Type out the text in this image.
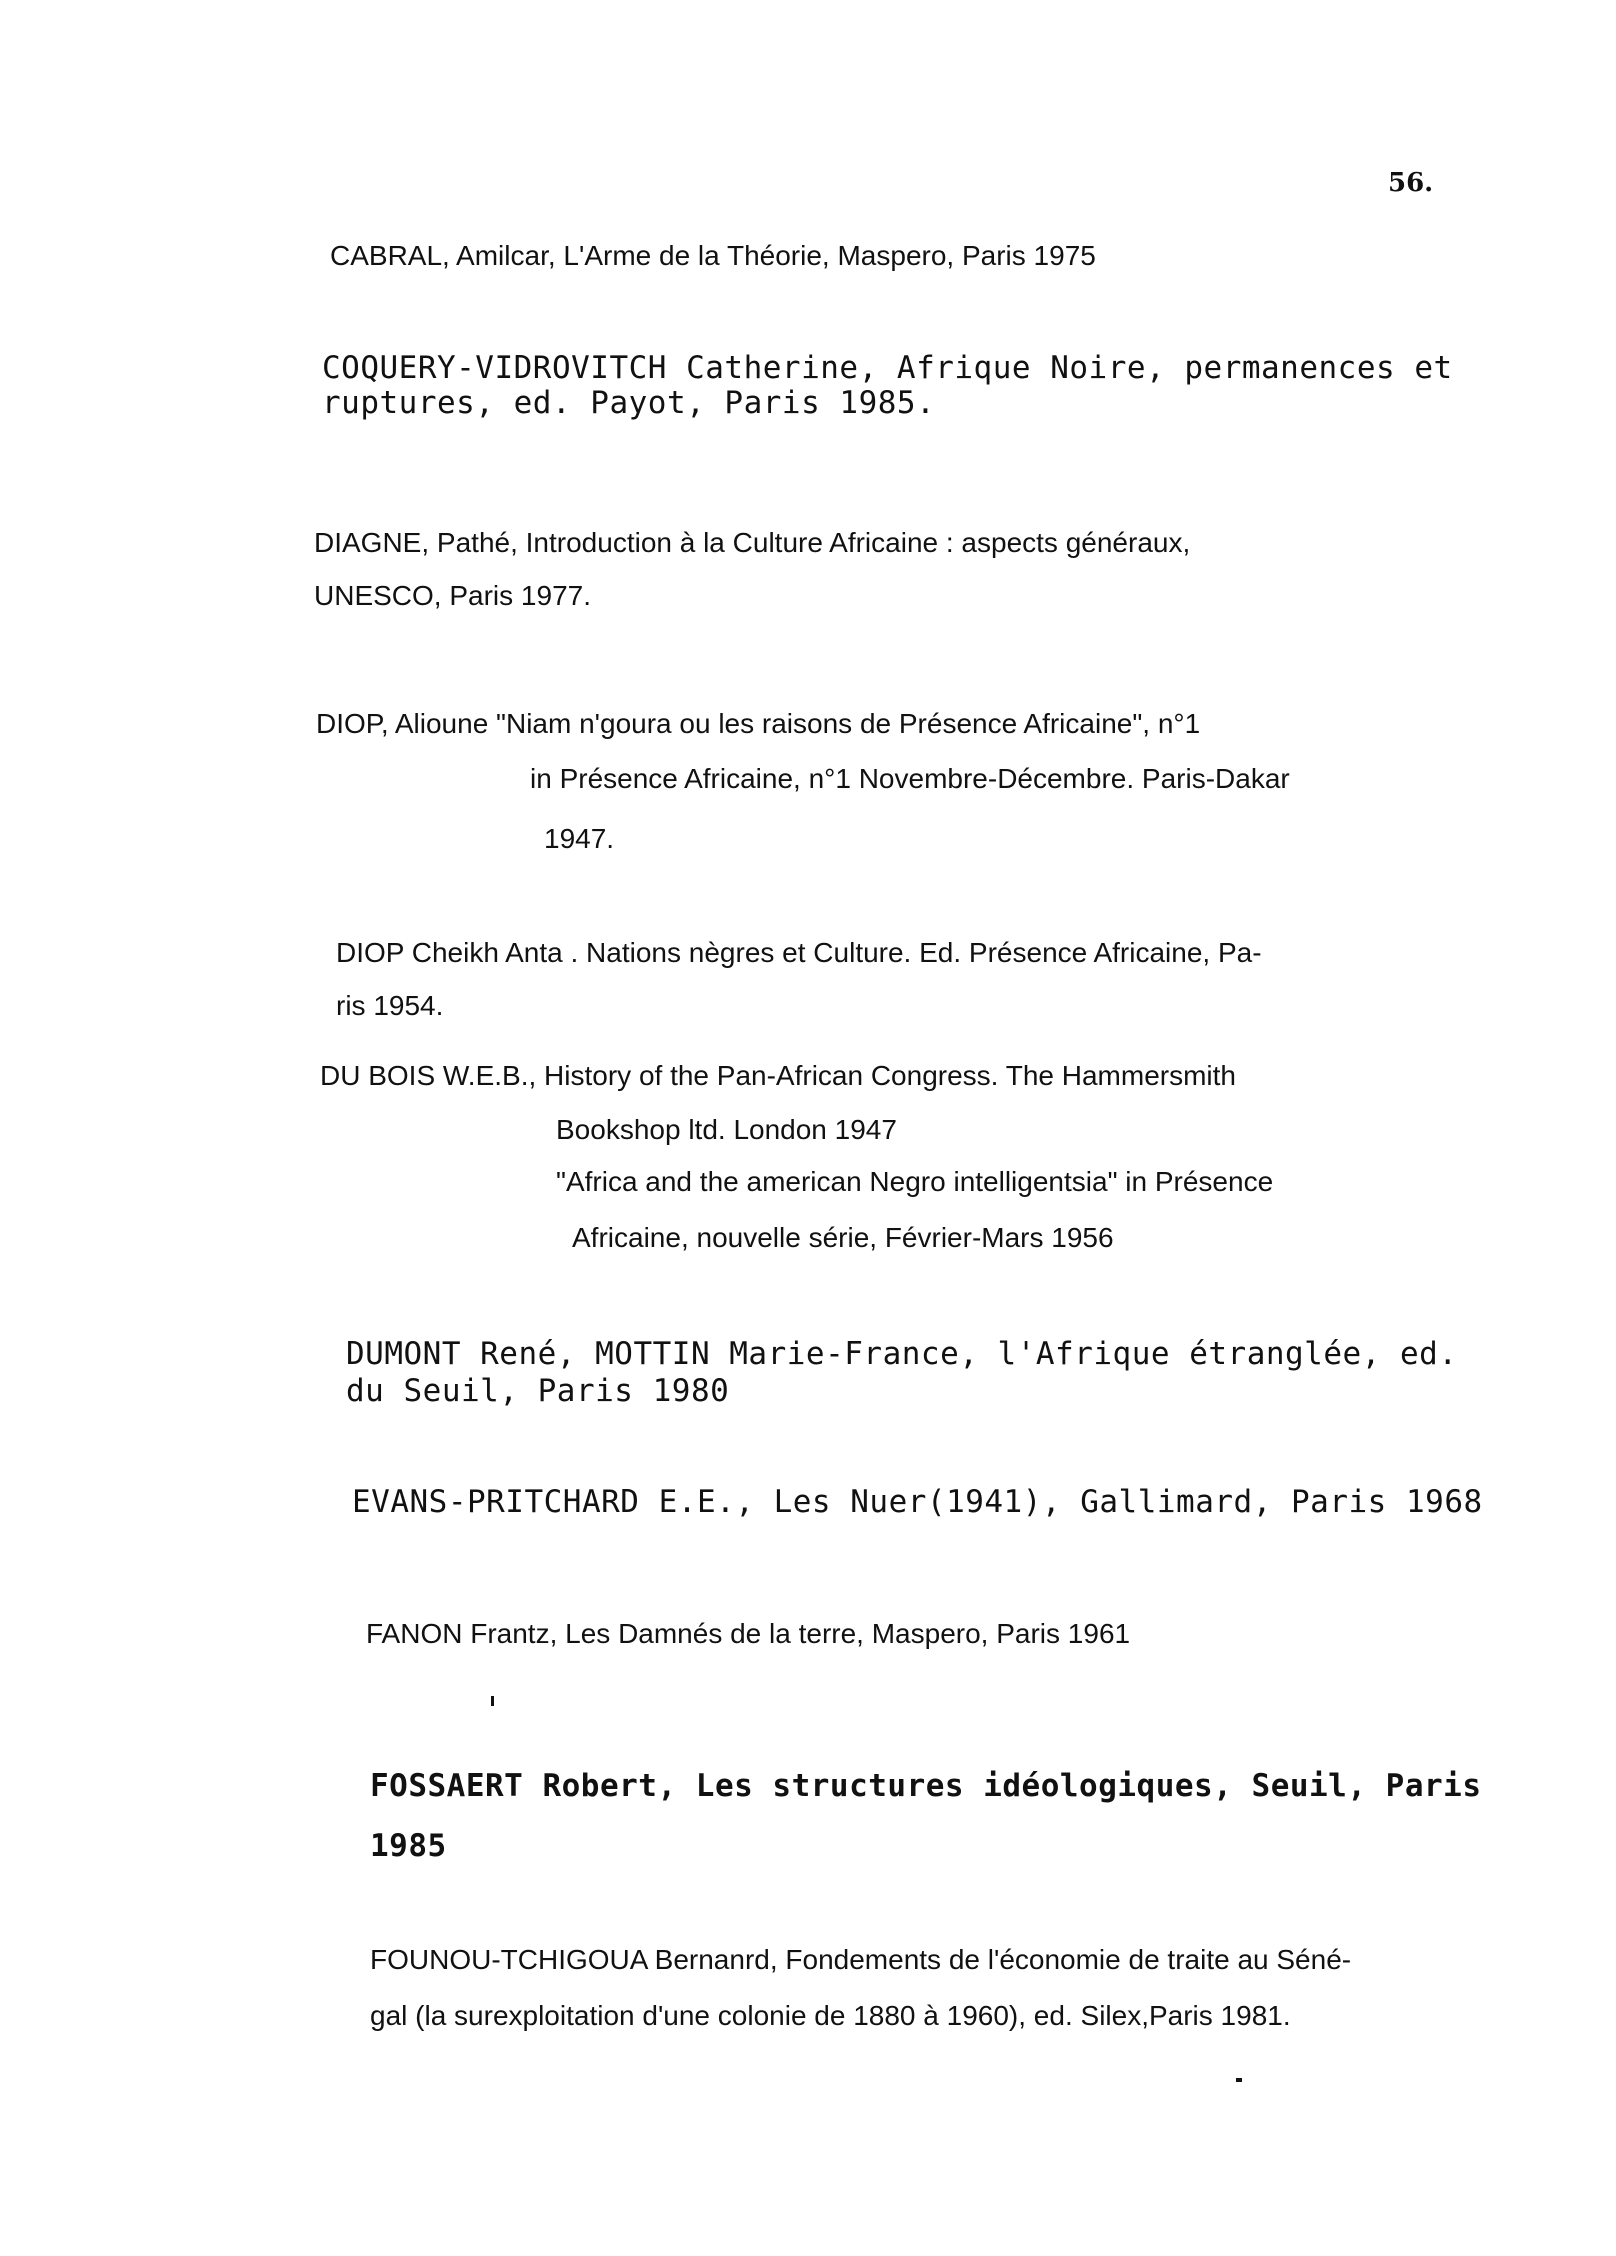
56.
CABRAL, Amilcar, L'Arme de la Théorie, Maspero, Paris 1975
COQUERY-VIDROVITCH Catherine, Afrique Noire, permanences et
ruptures, ed. Payot, Paris 1985.
DIAGNE, Pathé, Introduction à la Culture Africaine : aspects généraux,
UNESCO, Paris 1977.
DIOP, Alioune "Niam n'goura ou les raisons de Présence Africaine", n°1
in Présence Africaine, n°1 Novembre-Décembre. Paris-Dakar
1947.
DIOP Cheikh Anta . Nations nègres et Culture. Ed. Présence Africaine, Pa-
ris 1954.
DU BOIS W.E.B., History of the Pan-African Congress. The Hammersmith
Bookshop ltd. London 1947
"Africa and the american Negro intelligentsia" in Présence
Africaine, nouvelle série, Février-Mars 1956
DUMONT René, MOTTIN Marie-France, l'Afrique étranglée, ed.
du Seuil, Paris 1980
EVANS-PRITCHARD E.E., Les Nuer(1941), Gallimard, Paris 1968
FANON Frantz, Les Damnés de la terre, Maspero, Paris 1961
FOSSAERT Robert, Les structures idéologiques, Seuil, Paris
1985
FOUNOU-TCHIGOUA Bernanrd, Fondements de l'économie de traite au Séné-
gal (la surexploitation d'une colonie de 1880 à 1960), ed. Silex,Paris 1981.
